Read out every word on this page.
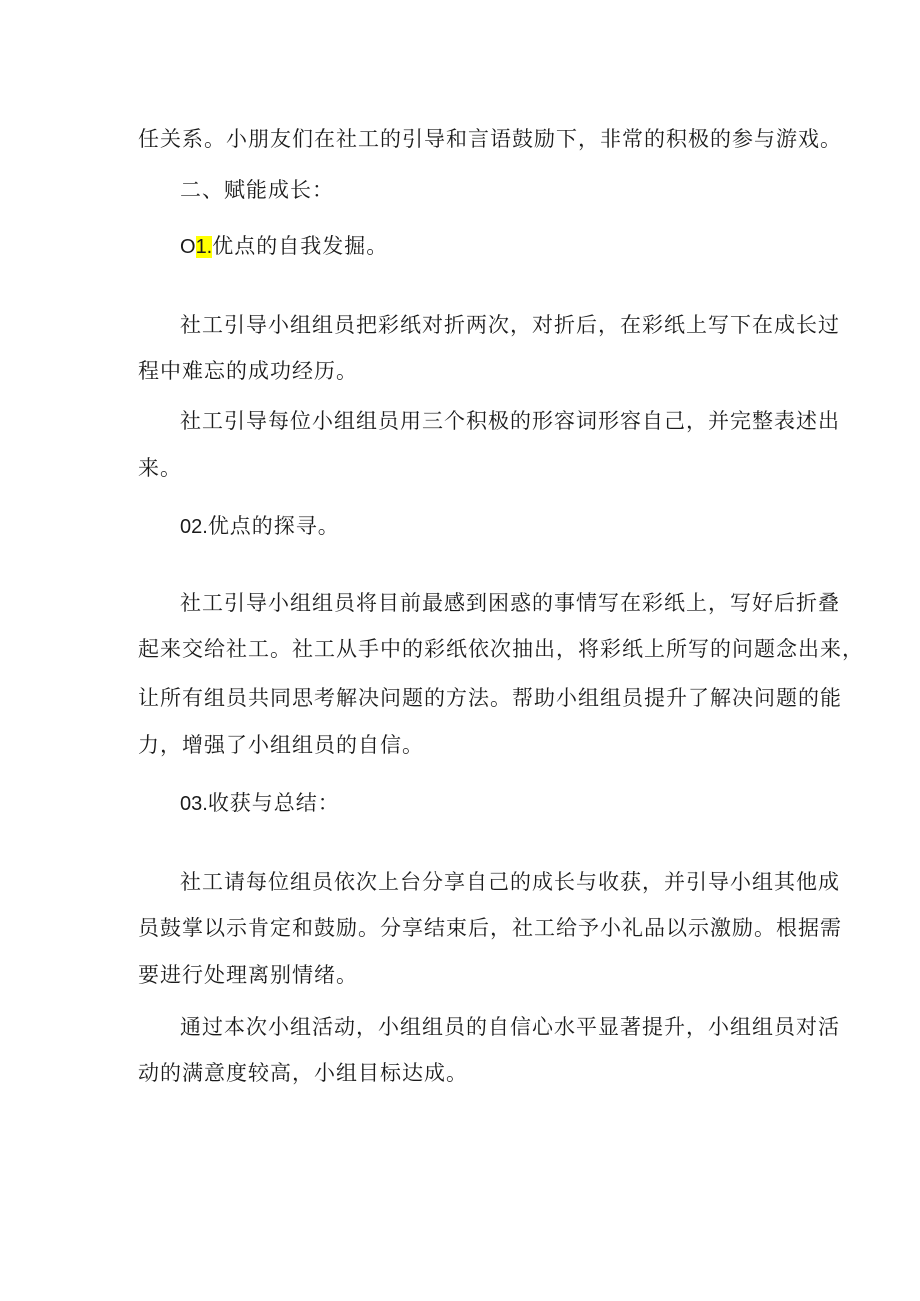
任关系。小朋友们在社工的引导和言语鼓励下，非常的积极的参与游戏。
二、赋能成长：
O1.优点的自我发掘。
社工引导小组组员把彩纸对折两次，对折后，在彩纸上写下在成长过
程中难忘的成功经历。
社工引导每位小组组员用三个积极的形容词形容自己，并完整表述出
来。
02.优点的探寻。
社工引导小组组员将目前最感到困惑的事情写在彩纸上，写好后折叠
起来交给社工。社工从手中的彩纸依次抽出，将彩纸上所写的问题念出来，
让所有组员共同思考解决问题的方法。帮助小组组员提升了解决问题的能
力，增强了小组组员的自信。
03.收获与总结：
社工请每位组员依次上台分享自己的成长与收获，并引导小组其他成
员鼓掌以示肯定和鼓励。分享结束后，社工给予小礼品以示激励。根据需
要进行处理离别情绪。
通过本次小组活动，小组组员的自信心水平显著提升，小组组员对活
动的满意度较高，小组目标达成。
